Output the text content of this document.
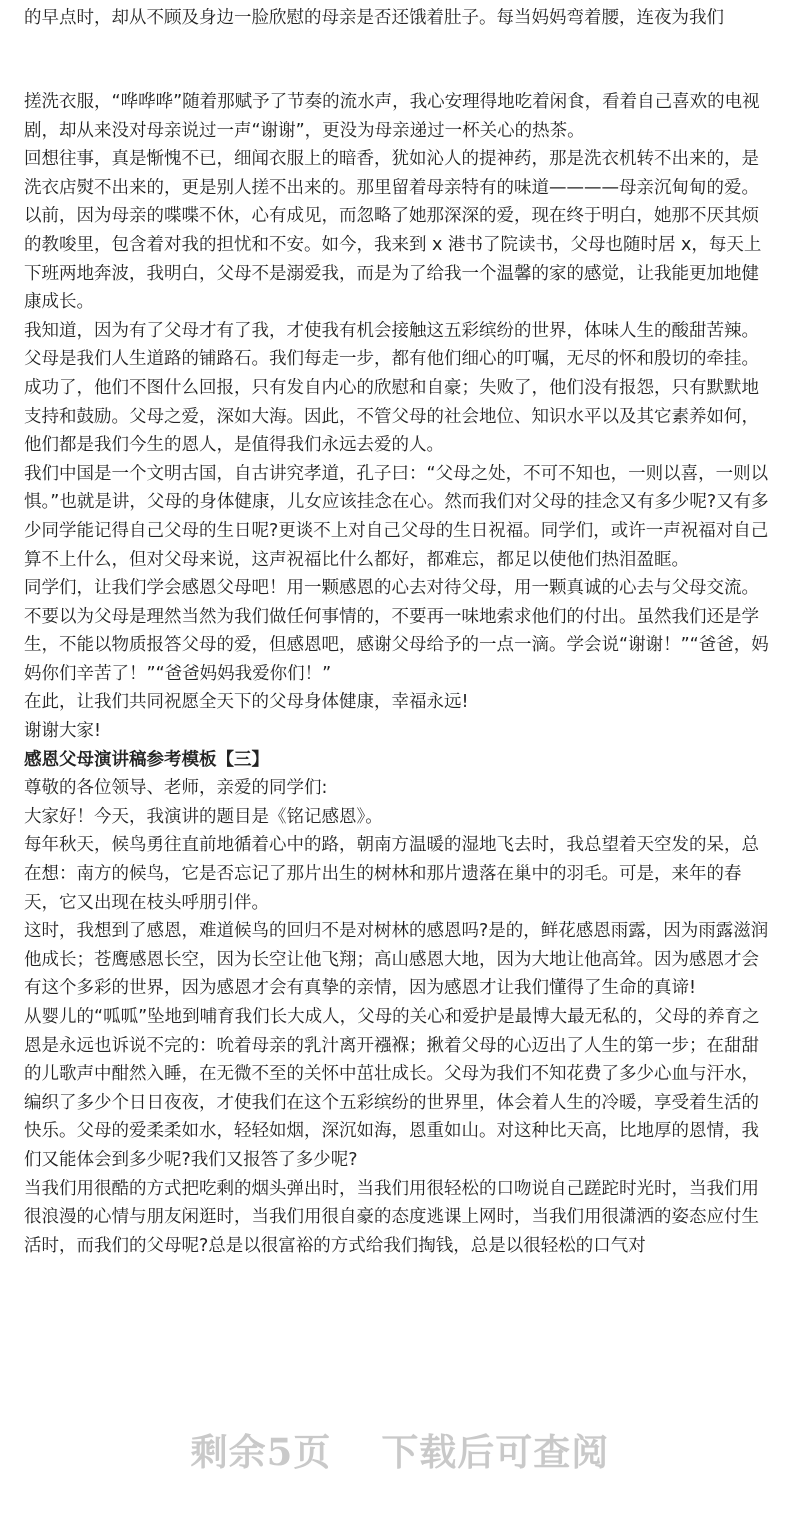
的早点时，却从不顾及身边一脸欣慰的母亲是否还饿着肚子。每当妈妈弯着腰，连夜为我们

搓洗衣服，“哗哗哗”随着那赋予了节奏的流水声，我心安理得地吃着闲食，看着自己喜欢的电视剧，却从来没对母亲说过一声“谢谢”，更没为母亲递过一杯关心的热茶。

回想往事，真是惭愧不已，细闻衣服上的暗香，犹如沁人的提神药，那是洗衣机转不出来的，是洗衣店熨不出来的，更是别人搓不出来的。那里留着母亲特有的味道————母亲沉甸甸的爱。

以前，因为母亲的喋喋不休，心有成见，而忽略了她那深深的爱，现在终于明白，她那不厌其烦的教唆里，包含着对我的担忧和不安。如今，我来到 x 港书了院读书，父母也随时居 x，每天上下班两地奔波，我明白，父母不是溺爱我，而是为了给我一个温馨的家的感觉，让我能更加地健康成长。

我知道，因为有了父母才有了我，才使我有机会接触这五彩缤纷的世界，体味人生的酸甜苦辣。父母是我们人生道路的铺路石。我们每走一步，都有他们细心的叮嘱，无尽的怀和殷切的牵挂。成功了，他们不图什么回报，只有发自内心的欣慰和自豪；失败了，他们没有报怨，只有默默地支持和鼓励。父母之爱，深如大海。因此，不管父母的社会地位、知识水平以及其它素养如何，他们都是我们今生的恩人，是值得我们永远去爱的人。

我们中国是一个文明古国，自古讲究孝道，孔子曰：“父母之处，不可不知也，一则以喜，一则以惧。”也就是讲，父母的身体健康，儿女应该挂念在心。然而我们对父母的挂念又有多少呢?又有多少同学能记得自己父母的生日呢?更谈不上对自己父母的生日祝福。同学们，或许一声祝福对自己算不上什么，但对父母来说，这声祝福比什么都好，都难忘，都足以使他们热泪盈眶。

同学们，让我们学会感恩父母吧！用一颗感恩的心去对待父母，用一颗真诚的心去与父母交流。不要以为父母是理然当然为我们做任何事情的，不要再一味地索求他们的付出。虽然我们还是学生，不能以物质报答父母的爱，但感恩吧，感谢父母给予的一点一滴。学会说“谢谢！”“爸爸，妈妈你们辛苦了！”“爸爸妈妈我爱你们！”

在此，让我们共同祝愿全天下的父母身体健康，幸福永远!

谢谢大家!

感恩父母演讲稿参考模板【三】

尊敬的各位领导、老师，亲爱的同学们:

大家好！今天，我演讲的题目是《铭记感恩》。

每年秋天，候鸟勇往直前地循着心中的路，朝南方温暖的湿地飞去时，我总望着天空发的呆，总在想：南方的候鸟，它是否忘记了那片出生的树林和那片遗落在巢中的羽毛。可是，来年的春天，它又出现在枝头呼朋引伴。

这时，我想到了感恩，难道候鸟的回归不是对树林的感恩吗?是的，鲜花感恩雨露，因为雨露滋润他成长；苍鹰感恩长空，因为长空让他飞翔；高山感恩大地，因为大地让他高耸。因为感恩才会有这个多彩的世界，因为感恩才会有真挚的亲情，因为感恩才让我们懂得了生命的真谛!

从婴儿的“呱呱”坠地到哺育我们长大成人，父母的关心和爱护是最博大最无私的，父母的养育之恩是永远也诉说不完的：吮着母亲的乳汁离开襁褓；揪着父母的心迈出了人生的第一步；在甜甜的儿歌声中酣然入睡，在无微不至的关怀中茁壮成长。父母为我们不知花费了多少心血与汗水，编织了多少个日日夜夜，才使我们在这个五彩缤纷的世界里，体会着人生的冷暖，享受着生活的快乐。父母的爱柔柔如水，轻轻如烟，深沉如海，恩重如山。对这种比天高，比地厚的恩情，我们又能体会到多少呢?我们又报答了多少呢?

当我们用很酷的方式把吃剩的烟头弹出时，当我们用很轻松的口吻说自己蹉跎时光时，当我们用很浪漫的心情与朋友闲逛时，当我们用很自豪的态度逃课上网时，当我们用很潇洒的姿态应付生活时，而我们的父母呢?总是以很富裕的方式给我们掏钱，总是以很轻松的口气对

剩余5页 下载后可查阅
